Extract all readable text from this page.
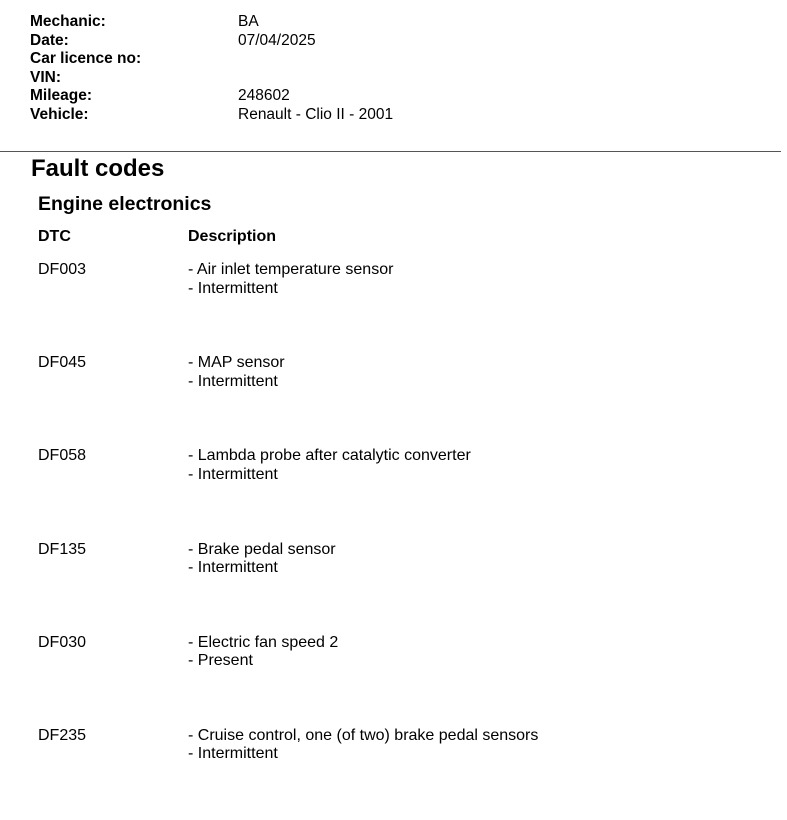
Mechanic:	BA
Date:	07/04/2025
Car licence no:
VIN:
Mileage:	248602
Vehicle:	Renault - Clio II - 2001
Fault codes
Engine electronics
DTC	Description
DF003	- Air inlet temperature sensor
- Intermittent
DF045	- MAP sensor
- Intermittent
DF058	- Lambda probe after catalytic converter
- Intermittent
DF135	- Brake pedal sensor
- Intermittent
DF030	- Electric fan speed 2
- Present
DF235	- Cruise control, one (of two) brake pedal sensors
- Intermittent
